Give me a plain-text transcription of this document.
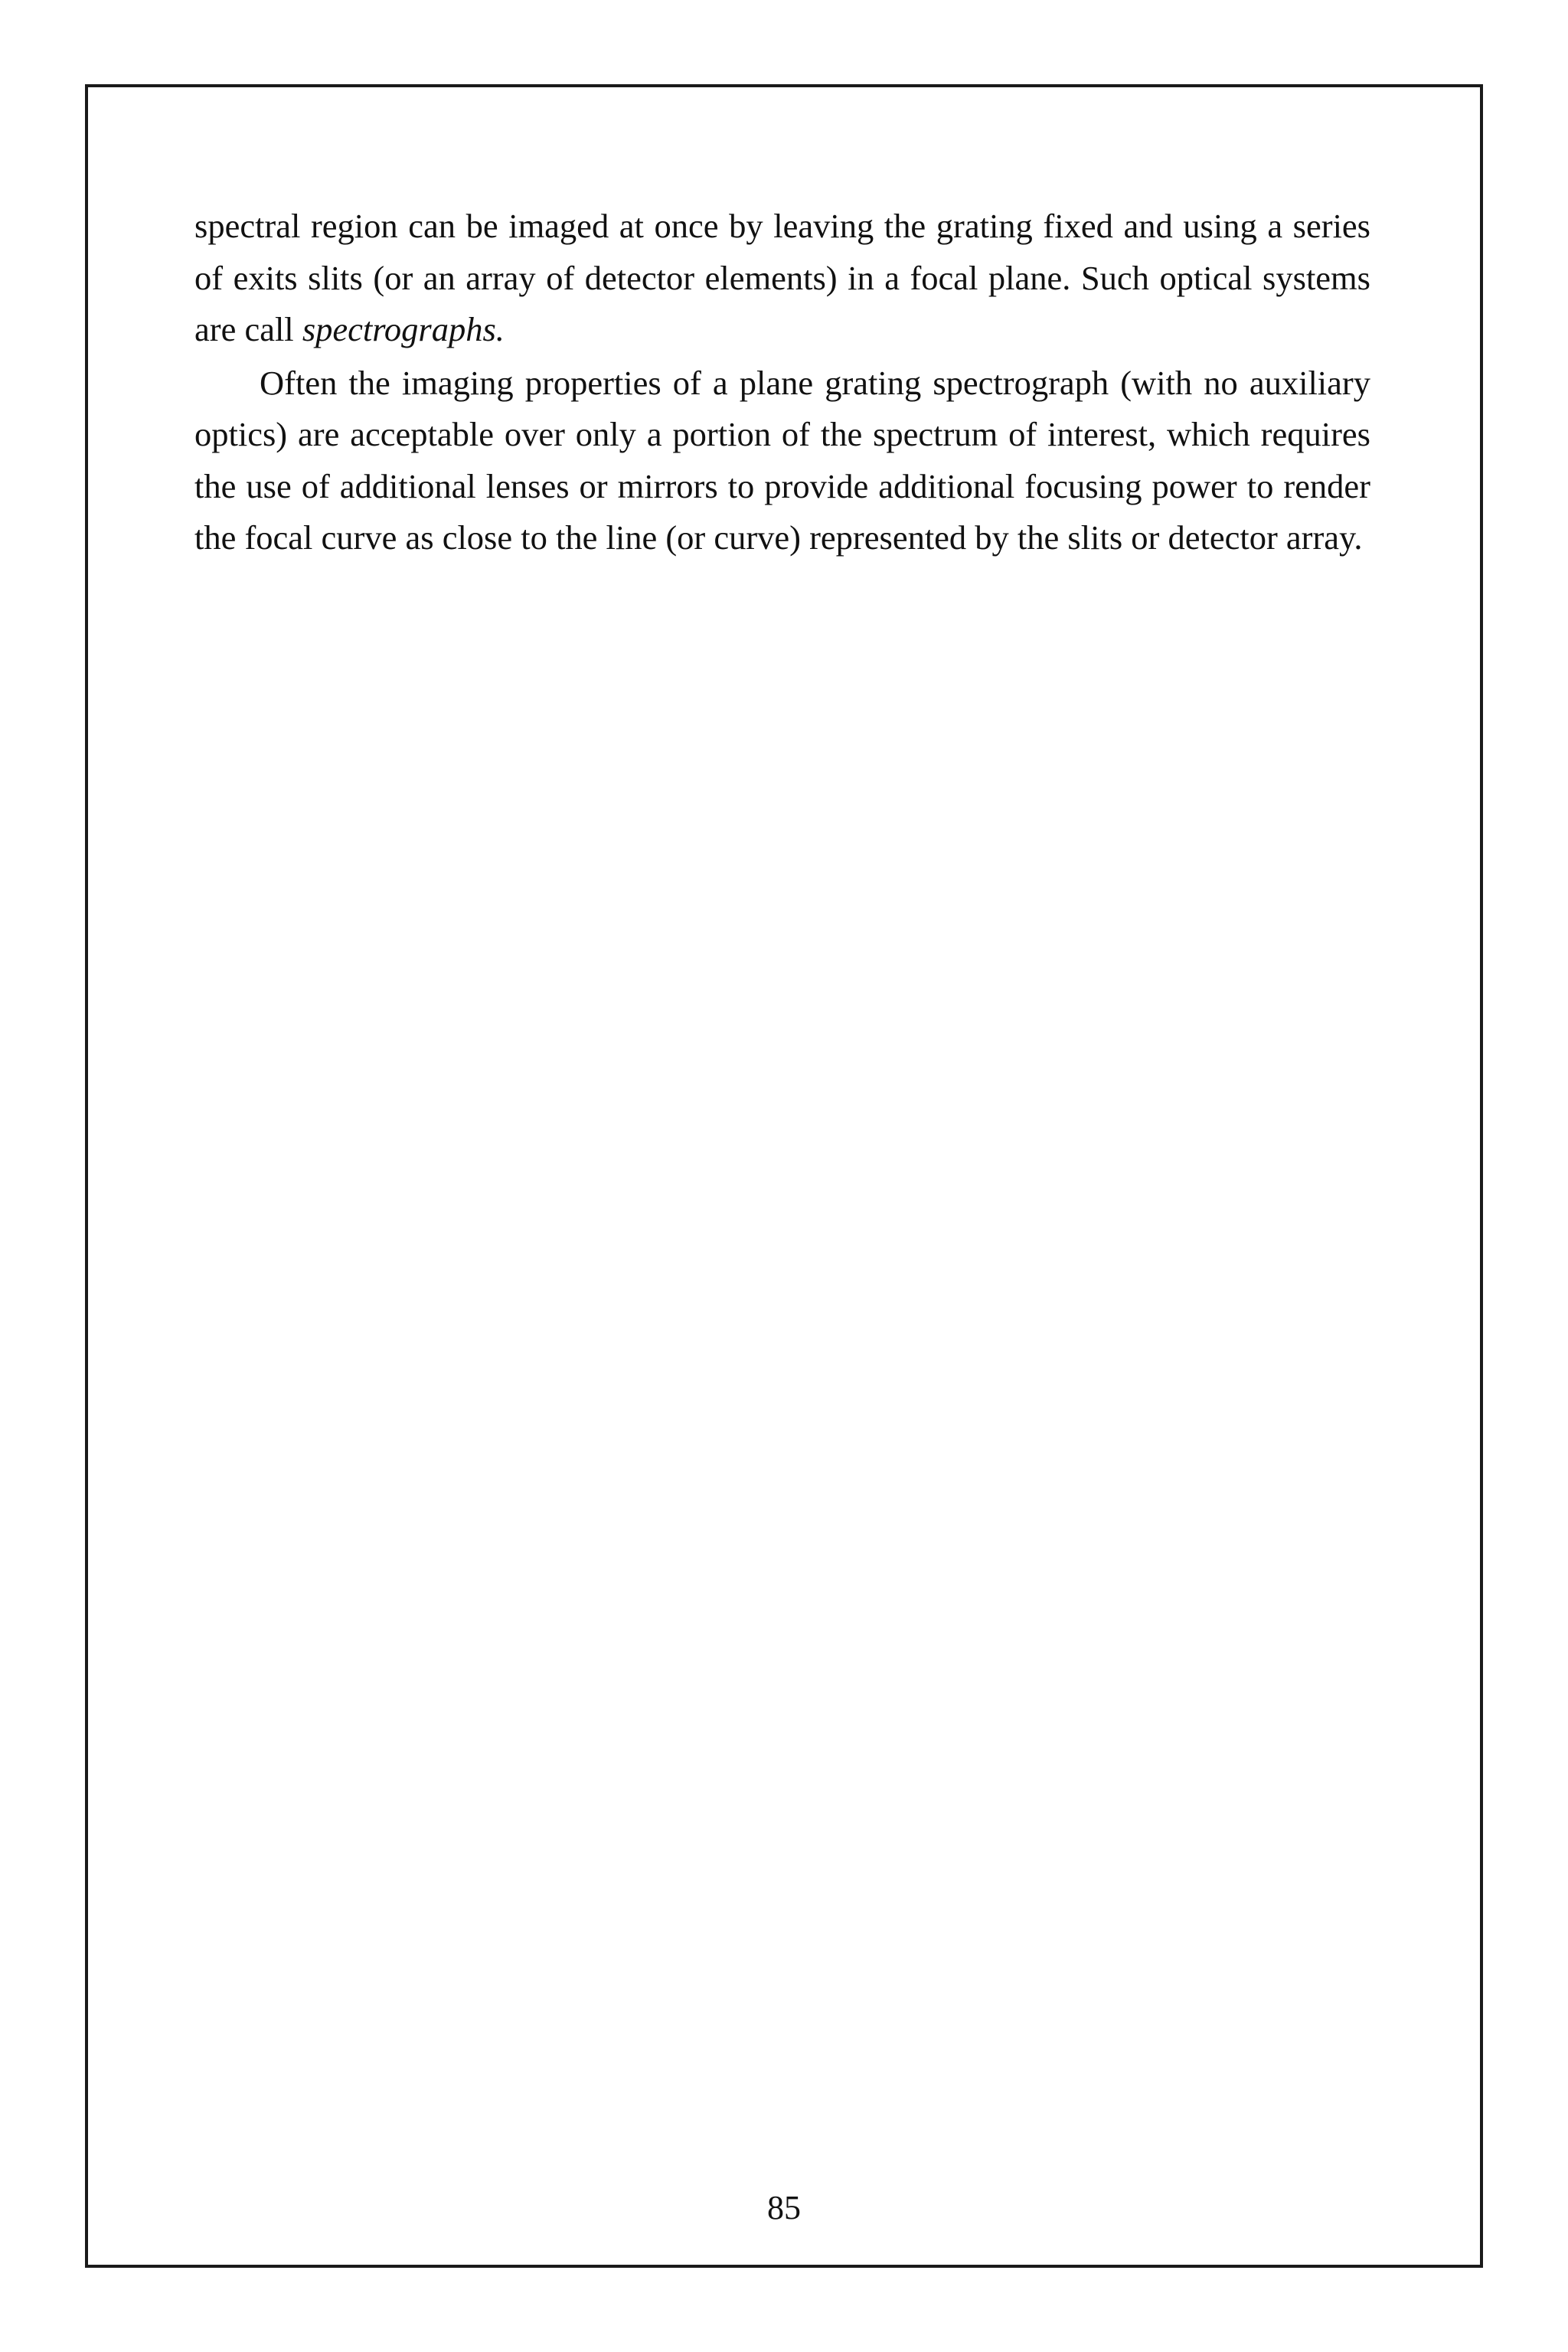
spectral region can be imaged at once by leaving the grating fixed and using a series of exits slits (or an array of detector elements) in a focal plane. Such optical systems are call spectrographs.

Often the imaging properties of a plane grating spectrograph (with no auxiliary optics) are acceptable over only a portion of the spectrum of interest, which requires the use of additional lenses or mirrors to provide additional focusing power to render the focal curve as close to the line (or curve) represented by the slits or detector array.

85
